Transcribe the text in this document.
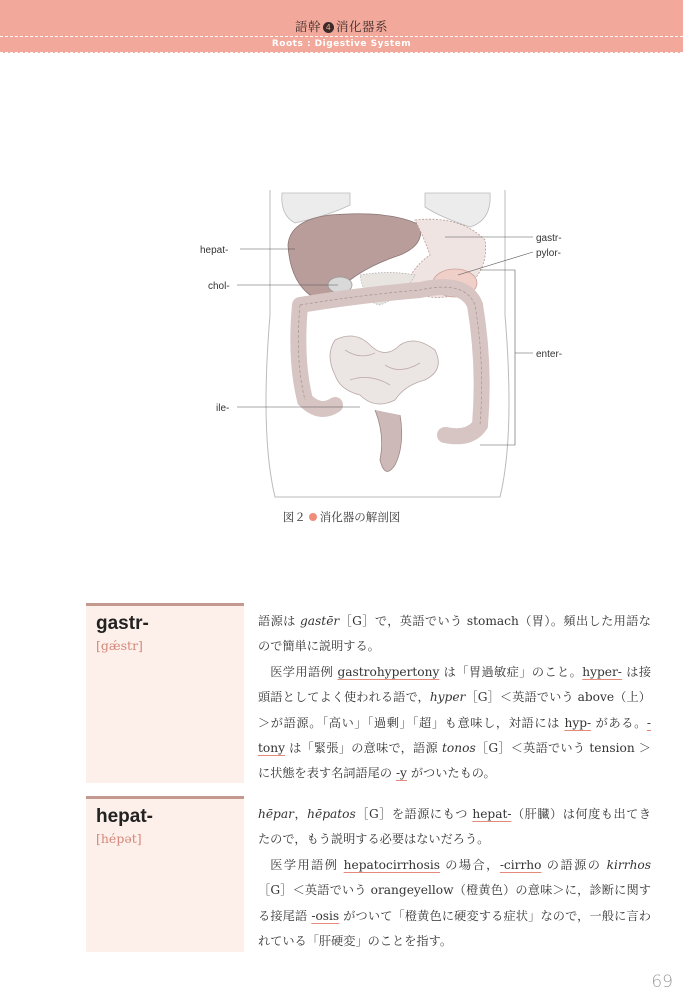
語幹 4 消化器系
Roots : Digestive System
hepat-
chol-
ile-
gastr-
pylor-
enter-
図２ 消化器の解剖図
gastr-
[gǽstr]

語源は gastēr［G］で，英語でいう stomach（胃）。頻出した用語なので簡単に説明する。

医学用語例 gastrohypertony は「胃過敏症」のこと。hyper- は接頭語としてよく使われる語で，hyper［G］＜英語でいう above（上）＞が語源。「高い」「過剰」「超」も意味し，対語には hyp- がある。-tony は「緊張」の意味で，語源 tonos［G］＜英語でいう tension ＞に状態を表す名詞語尾の -y がついたもの。

hepat-
[hépət]

hēpar，hēpatos［G］を語源にもつ hepat-（肝臓）は何度も出てきたので，もう説明する必要はないだろう。

医学用語例 hepatocirrhosis の場合，-cirrho の語源の kirrhos［G］＜英語でいう orangeyellow（橙黄色）の意味＞に，診断に関する接尾語 -osis がついて「橙黄色に硬変する症状」なので，一般に言われている「肝硬変」のことを指す。

69
